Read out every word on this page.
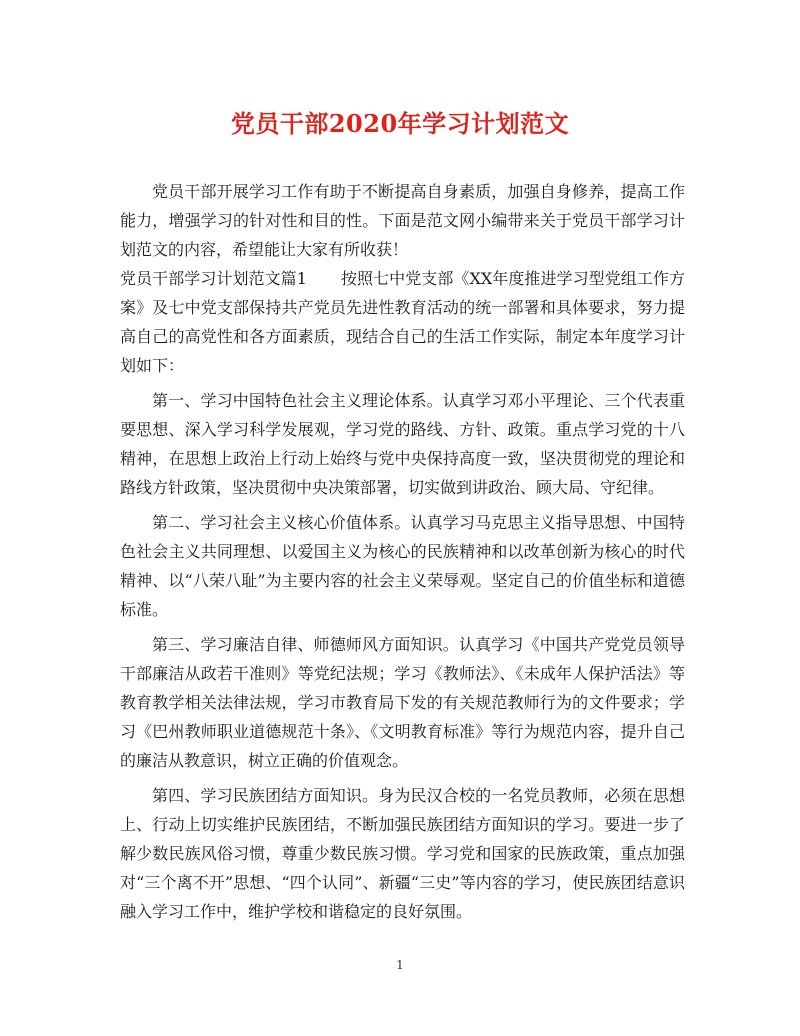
党员干部2020年学习计划范文

党员干部开展学习工作有助于不断提高自身素质，加强自身修养，提高工作能力，增强学习的针对性和目的性。下面是范文网小编带来关于党员干部学习计划范文的内容，希望能让大家有所收获！

党员干部学习计划范文篇1 按照七中党支部《XX年度推进学习型党组工作方案》及七中党支部保持共产党员先进性教育活动的统一部署和具体要求，努力提高自己的高党性和各方面素质，现结合自己的生活工作实际，制定本年度学习计划如下：

第一、学习中国特色社会主义理论体系。认真学习邓小平理论、三个代表重要思想、深入学习科学发展观，学习党的路线、方针、政策。重点学习党的十八精神，在思想上政治上行动上始终与党中央保持高度一致，坚决贯彻党的理论和路线方针政策，坚决贯彻中央决策部署，切实做到讲政治、顾大局、守纪律。

第二、学习社会主义核心价值体系。认真学习马克思主义指导思想、中国特色社会主义共同理想、以爱国主义为核心的民族精神和以改革创新为核心的时代精神、以“八荣八耻”为主要内容的社会主义荣辱观。坚定自己的价值坐标和道德标准。

第三、学习廉洁自律、师德师风方面知识。认真学习《中国共产党党员领导干部廉洁从政若干准则》等党纪法规；学习《教师法》、《未成年人保护活法》等教育教学相关法律法规，学习市教育局下发的有关规范教师行为的文件要求；学习《巴州教师职业道德规范十条》、《文明教育标准》等行为规范内容，提升自己的廉洁从教意识，树立正确的价值观念。

第四、学习民族团结方面知识。身为民汉合校的一名党员教师，必须在思想上、行动上切实维护民族团结，不断加强民族团结方面知识的学习。要进一步了解少数民族风俗习惯，尊重少数民族习惯。学习党和国家的民族政策，重点加强对“三个离不开”思想、“四个认同”、新疆“三史”等内容的学习，使民族团结意识融入学习工作中，维护学校和谐稳定的良好氛围。

1
